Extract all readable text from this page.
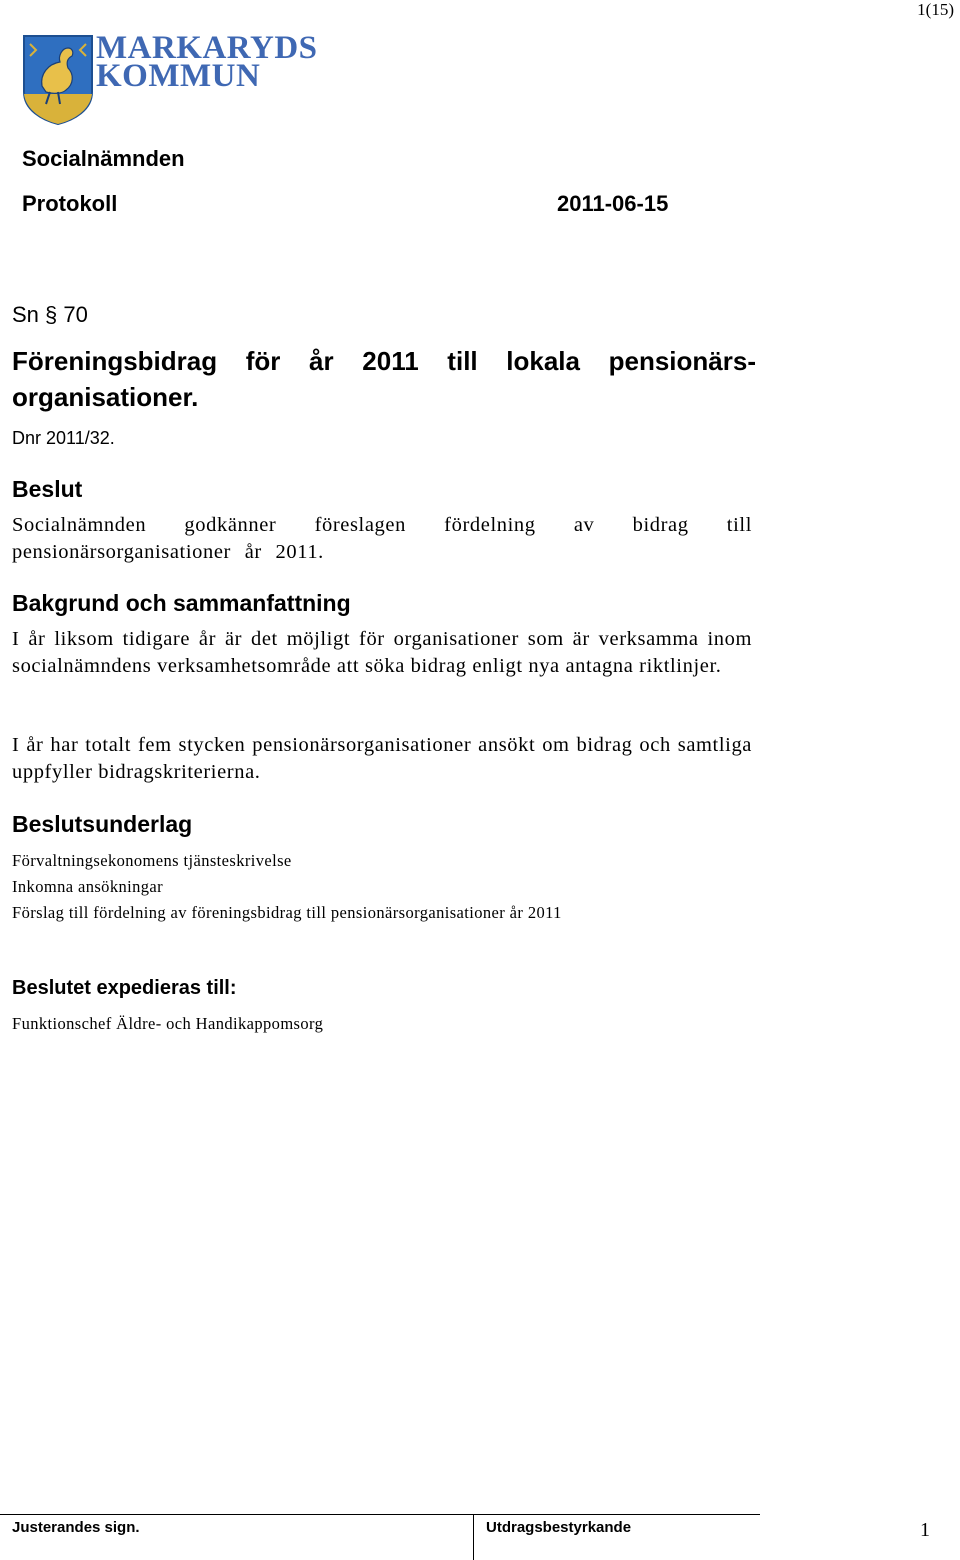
1(15)
MARKARYDS
KOMMUN
Socialnämnden
Protokoll	2011-06-15
Sn § 70
Föreningsbidrag för år 2011 till lokala pensionärs-organisationer.
Dnr 2011/32.
Beslut
Socialnämnden godkänner föreslagen fördelning av bidrag till pensionärsorganisationer år 2011.
Bakgrund och sammanfattning
I år liksom tidigare år är det möjligt för organisationer som är verksamma inom socialnämndens verksamhetsområde att söka bidrag enligt nya antagna riktlinjer.
I år har totalt fem stycken pensionärsorganisationer ansökt om bidrag och samtliga uppfyller bidragskriterierna.
Beslutsunderlag
Förvaltningsekonomens tjänsteskrivelse
Inkomna ansökningar
Förslag till fördelning av föreningsbidrag till pensionärsorganisationer år 2011
Beslutet expedieras till:
Funktionschef Äldre- och Handikappomsorg
Justerandes sign.	Utdragsbestyrkande	1
